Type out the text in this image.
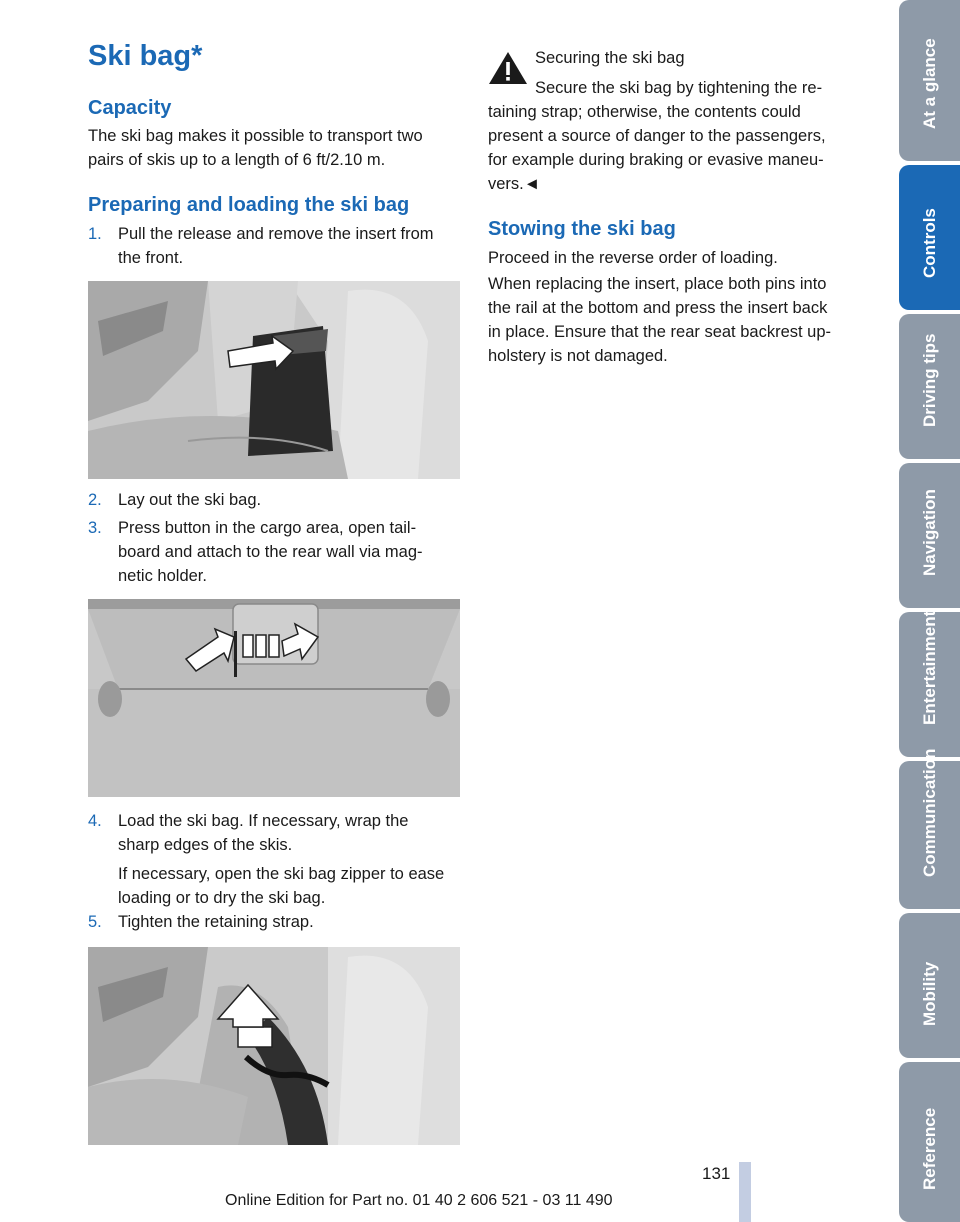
Ski bag*
Capacity
The ski bag makes it possible to transport two
pairs of skis up to a length of 6 ft/2.10 m.
Preparing and loading the ski bag
1. Pull the release and remove the insert from
the front.
2. Lay out the ski bag.
3. Press button in the cargo area, open tail-
board and attach to the rear wall via mag-
netic holder.
4. Load the ski bag. If necessary, wrap the
sharp edges of the skis.
If necessary, open the ski bag zipper to ease
loading or to dry the ski bag.
5. Tighten the retaining strap.
Securing the ski bag
Secure the ski bag by tightening the re-
taining strap; otherwise, the contents could
present a source of danger to the passengers,
for example during braking or evasive maneu-
vers.◄
Stowing the ski bag
Proceed in the reverse order of loading.
When replacing the insert, place both pins into
the rail at the bottom and press the insert back
in place. Ensure that the rear seat backrest up-
holstery is not damaged.
At a glance
Controls
Driving tips
Navigation
Entertainment
Communication
Mobility
Reference
131
Online Edition for Part no. 01 40 2 606 521 - 03 11 490
